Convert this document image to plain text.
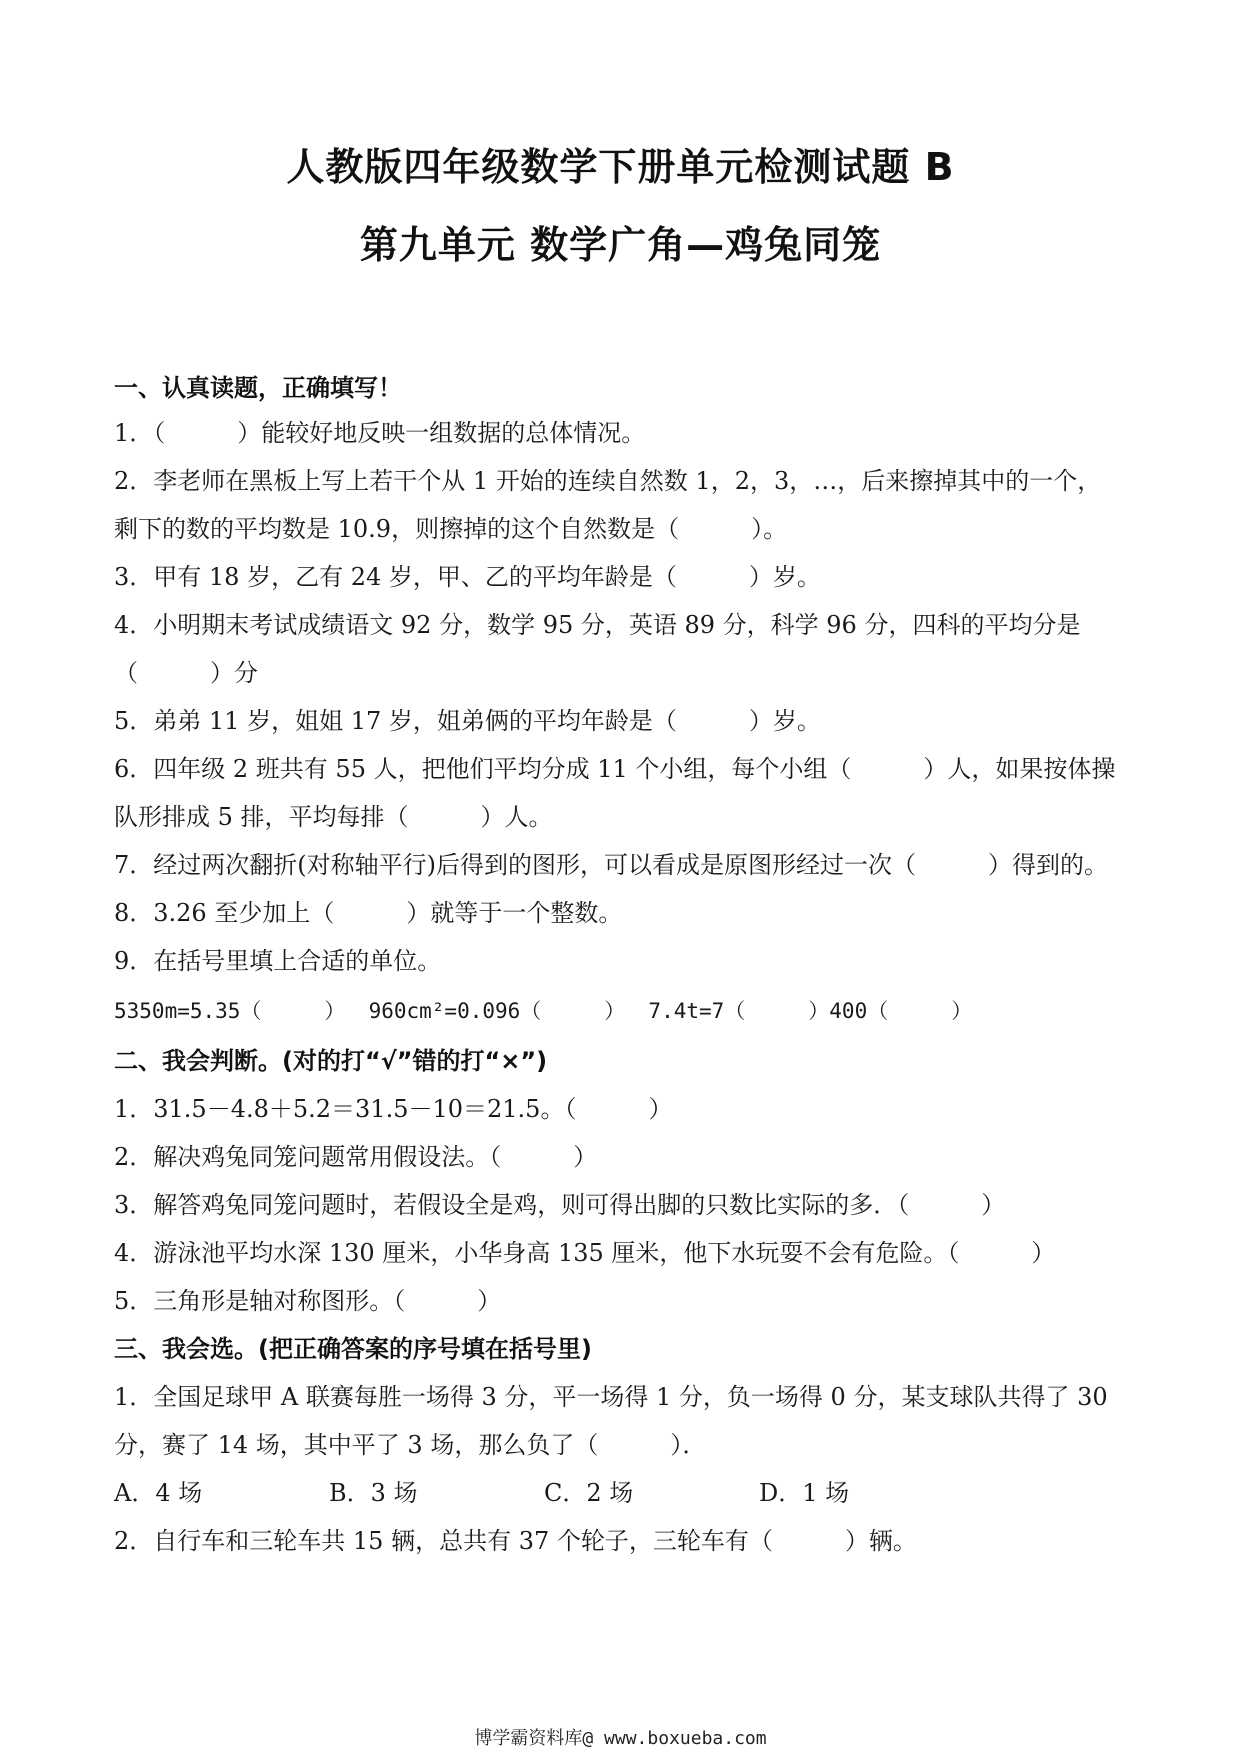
人教版四年级数学下册单元检测试题 B
第九单元 数学广角—鸡兔同笼
一、认真读题，正确填写！
1．（　　　）能较好地反映一组数据的总体情况。
2．李老师在黑板上写上若干个从 1 开始的连续自然数 1，2，3，…，后来擦掉其中的一个，
剩下的数的平均数是 10.9，则擦掉的这个自然数是（　　　）。
3．甲有 18 岁，乙有 24 岁，甲、乙的平均年龄是（　　　）岁。
4．小明期末考试成绩语文 92 分，数学 95 分，英语 89 分，科学 96 分，四科的平均分是
（　　　）分
5．弟弟 11 岁，姐姐 17 岁，姐弟俩的平均年龄是（　　　）岁。
6．四年级 2 班共有 55 人，把他们平均分成 11 个小组，每个小组（　　　）人，如果按体操
队形排成 5 排，平均每排（　　　）人。
7．经过两次翻折(对称轴平行)后得到的图形，可以看成是原图形经过一次（　　　）得到的。
8．3.26 至少加上（　　　）就等于一个整数。
9．在括号里填上合适的单位。
5350m=5.35（　　　）　 960cm²=0.096（　　　）　 7.4t=7（　　　）400（　　　）
二、我会判断。(对的打“√”错的打“×”)
1．31.5－4.8＋5.2＝31.5－10＝21.5。（　　　）
2．解决鸡兔同笼问题常用假设法。（　　　）
3．解答鸡兔同笼问题时，若假设全是鸡，则可得出脚的只数比实际的多．（　　　）
4．游泳池平均水深 130 厘米，小华身高 135 厘米，他下水玩耍不会有危险。（　　　）
5．三角形是轴对称图形。（　　　）
三、我会选。(把正确答案的序号填在括号里)
1．全国足球甲 A 联赛每胜一场得 3 分，平一场得 1 分，负一场得 0 分，某支球队共得了 30
分，赛了 14 场，其中平了 3 场，那么负了（　　　）．
A．4 场	B．3 场	C．2 场	D．1 场
2．自行车和三轮车共 15 辆，总共有 37 个轮子，三轮车有（　　　）辆。
博学霸资料库@ www.boxueba.com
